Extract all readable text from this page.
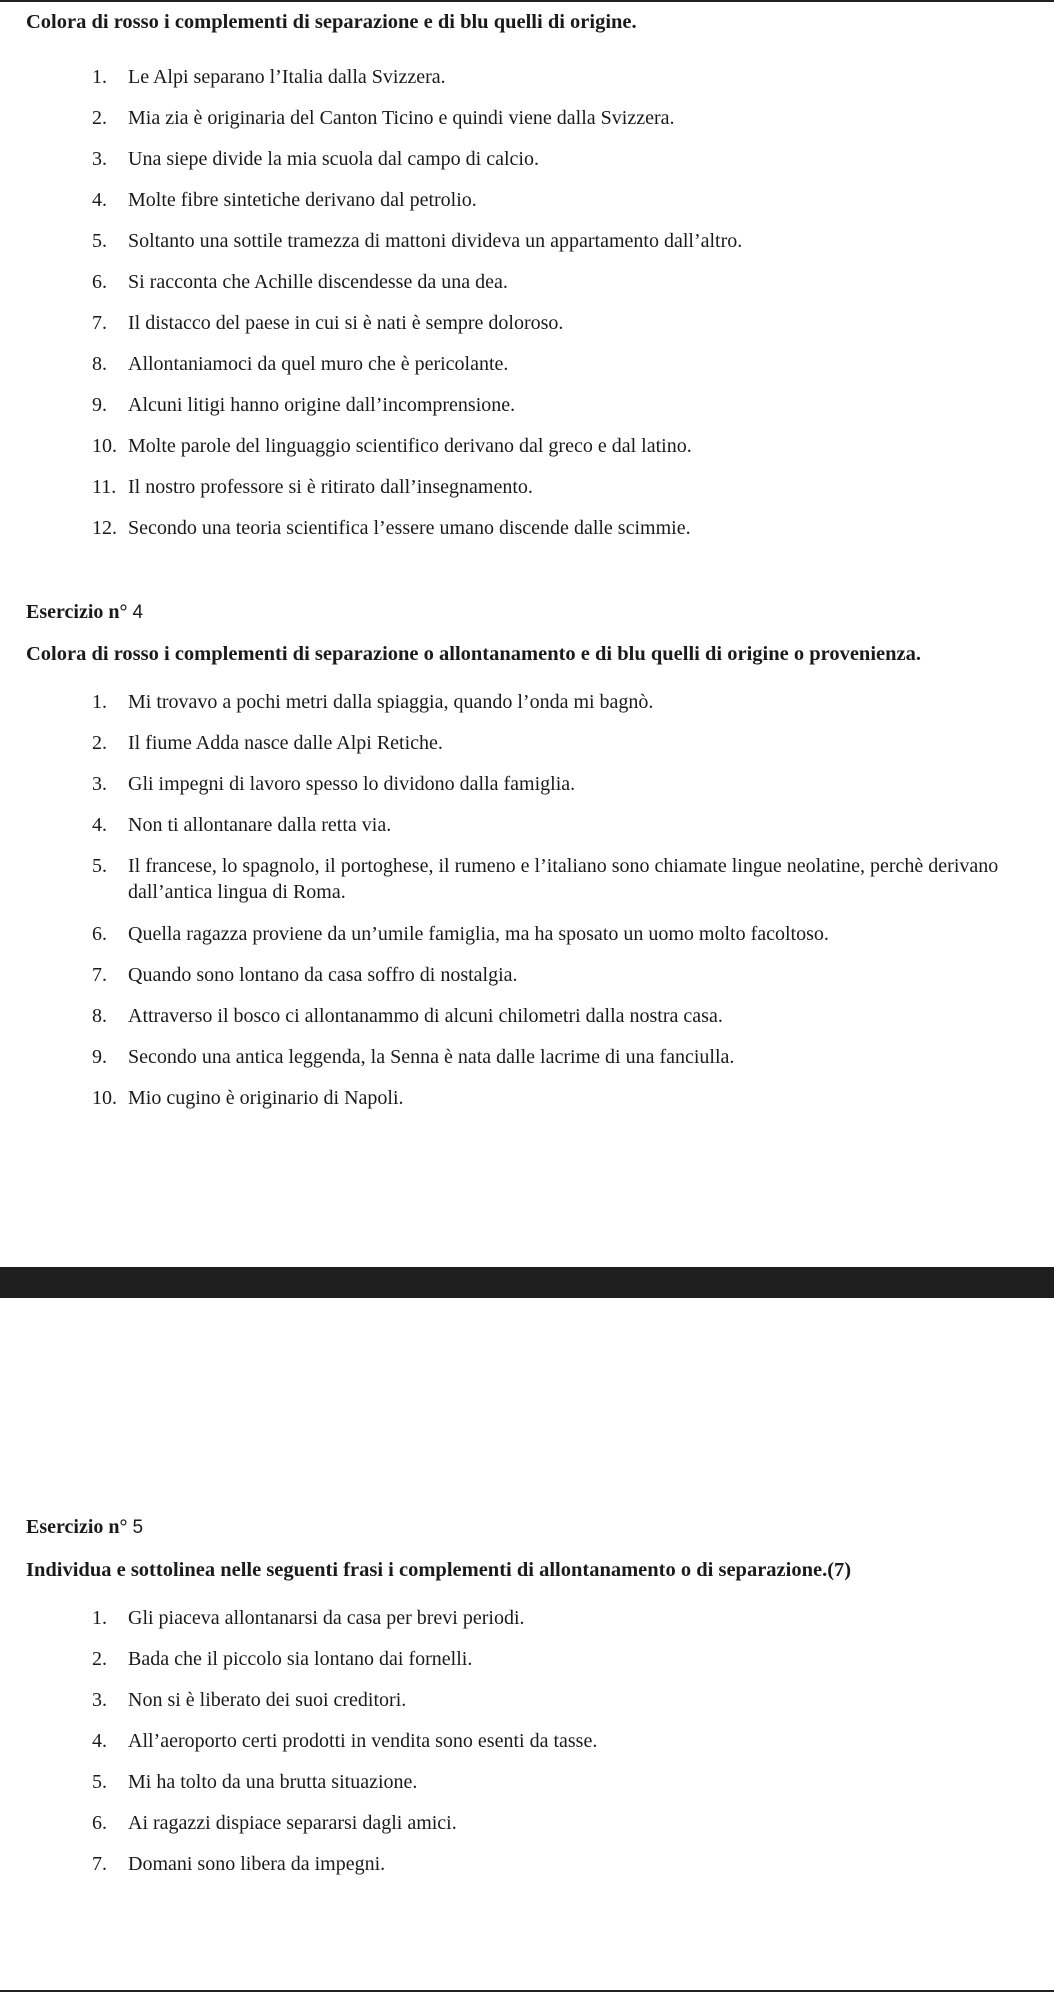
Colora di rosso i complementi di separazione e di blu quelli di origine.
1.	Le Alpi separano l’Italia dalla Svizzera.
2.	Mia zia è originaria del Canton Ticino e quindi viene dalla Svizzera.
3.	Una siepe divide la mia scuola dal campo di calcio.
4.	Molte fibre sintetiche derivano dal petrolio.
5.	Soltanto una sottile tramezza di mattoni divideva un appartamento dall’altro.
6.	Si racconta che Achille discendesse da una dea.
7.	Il distacco del paese in cui si è nati è sempre doloroso.
8.	Allontaniamoci da quel muro che è pericolante.
9.	Alcuni litigi hanno origine dall’incomprensione.
10. Molte parole del linguaggio scientifico derivano dal greco e dal latino.
11. Il nostro professore si è ritirato dall’insegnamento.
12. Secondo una teoria scientifica l’essere umano discende dalle scimmie.
Esercizio n° 4
Colora di rosso i complementi di separazione o allontanamento e di blu quelli di origine o provenienza.
1.	Mi trovavo a pochi metri dalla spiaggia, quando l’onda mi bagnò.
2.	Il fiume Adda nasce dalle Alpi Retiche.
3.	Gli impegni di lavoro spesso lo dividono dalla famiglia.
4.	Non ti allontanare dalla retta via.
5.	Il francese, lo spagnolo, il portoghese, il rumeno e l’italiano sono chiamate lingue neolatine, perchè derivano dall’antica lingua di Roma.
6.	Quella ragazza proviene da un’umile famiglia, ma ha sposato un uomo molto facoltoso.
7.	Quando sono lontano da casa soffro di nostalgia.
8.	Attraverso il bosco ci allontanammo di alcuni chilometri dalla nostra casa.
9.	Secondo una antica leggenda, la Senna è nata dalle lacrime di una fanciulla.
10. Mio cugino è originario di Napoli.
Esercizio n° 5
Individua e sottolinea nelle seguenti frasi i complementi di allontanamento o di separazione.(7)
1.	Gli piaceva allontanarsi da casa per brevi periodi.
2.	Bada che il piccolo sia lontano dai fornelli.
3.	Non si è liberato dei suoi creditori.
4.	All’aeroporto certi prodotti in vendita sono esenti da tasse.
5.	Mi ha tolto da una brutta situazione.
6.	Ai ragazzi dispiace separarsi dagli amici.
7.	Domani sono libera da impegni.
